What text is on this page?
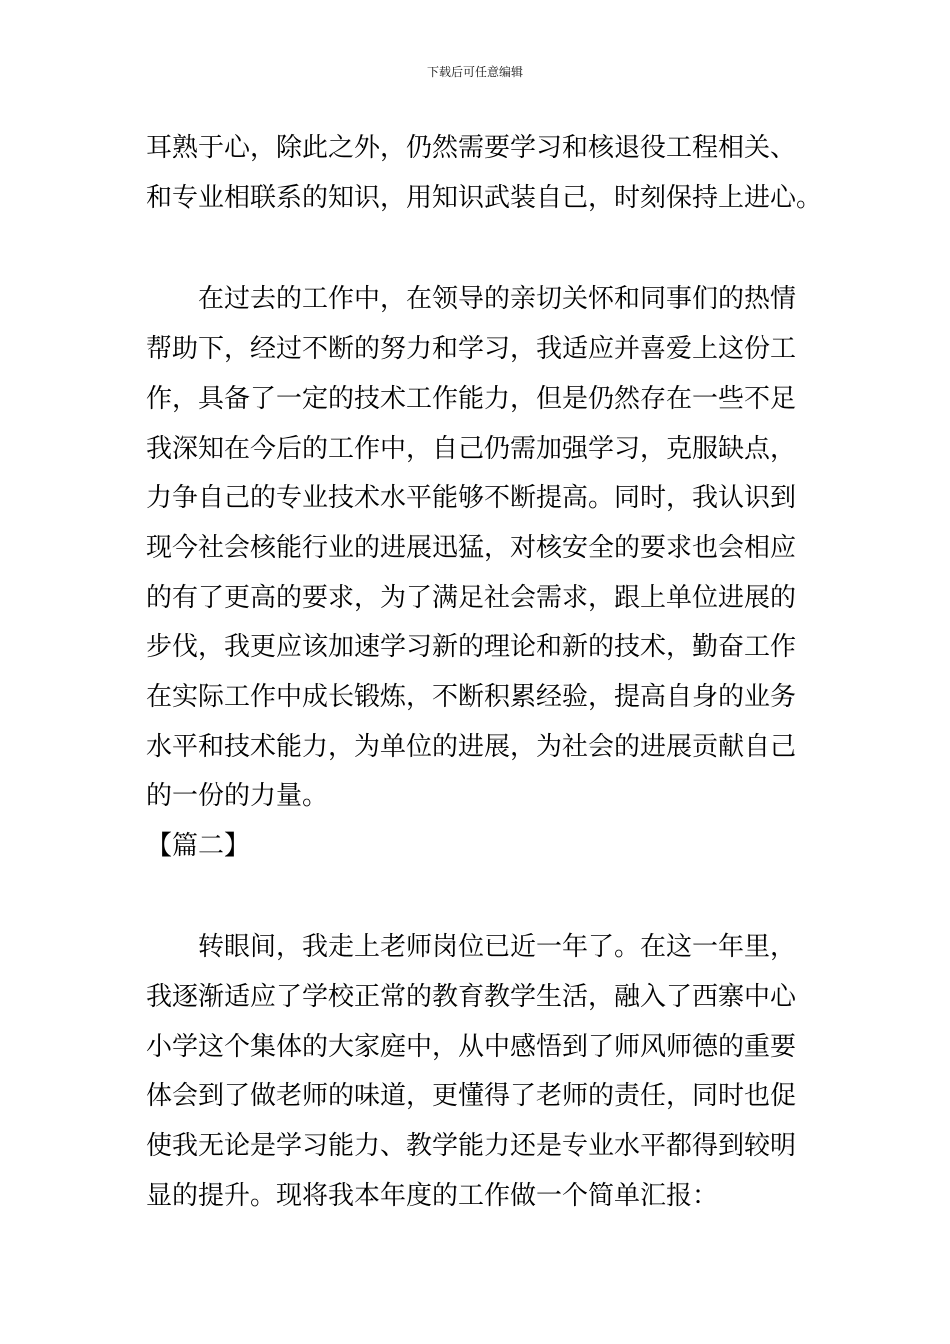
下载后可任意编辑
耳熟于心，除此之外，仍然需要学习和核退役工程相关、
和专业相联系的知识，用知识武装自己，时刻保持上进心。
在过去的工作中，在领导的亲切关怀和同事们的热情
帮助下，经过不断的努力和学习，我适应并喜爱上这份工
作，具备了一定的技术工作能力，但是仍然存在一些不足
我深知在今后的工作中，自己仍需加强学习，克服缺点，
力争自己的专业技术水平能够不断提高。同时，我认识到
现今社会核能行业的进展迅猛，对核安全的要求也会相应
的有了更高的要求，为了满足社会需求，跟上单位进展的
步伐，我更应该加速学习新的理论和新的技术，勤奋工作
在实际工作中成长锻炼，不断积累经验，提高自身的业务
水平和技术能力，为单位的进展，为社会的进展贡献自己
的一份的力量。
【篇二】
转眼间，我走上老师岗位已近一年了。在这一年里，
我逐渐适应了学校正常的教育教学生活，融入了西寨中心
小学这个集体的大家庭中，从中感悟到了师风师德的重要
体会到了做老师的味道，更懂得了老师的责任，同时也促
使我无论是学习能力、教学能力还是专业水平都得到较明
显的提升。现将我本年度的工作做一个简单汇报：
